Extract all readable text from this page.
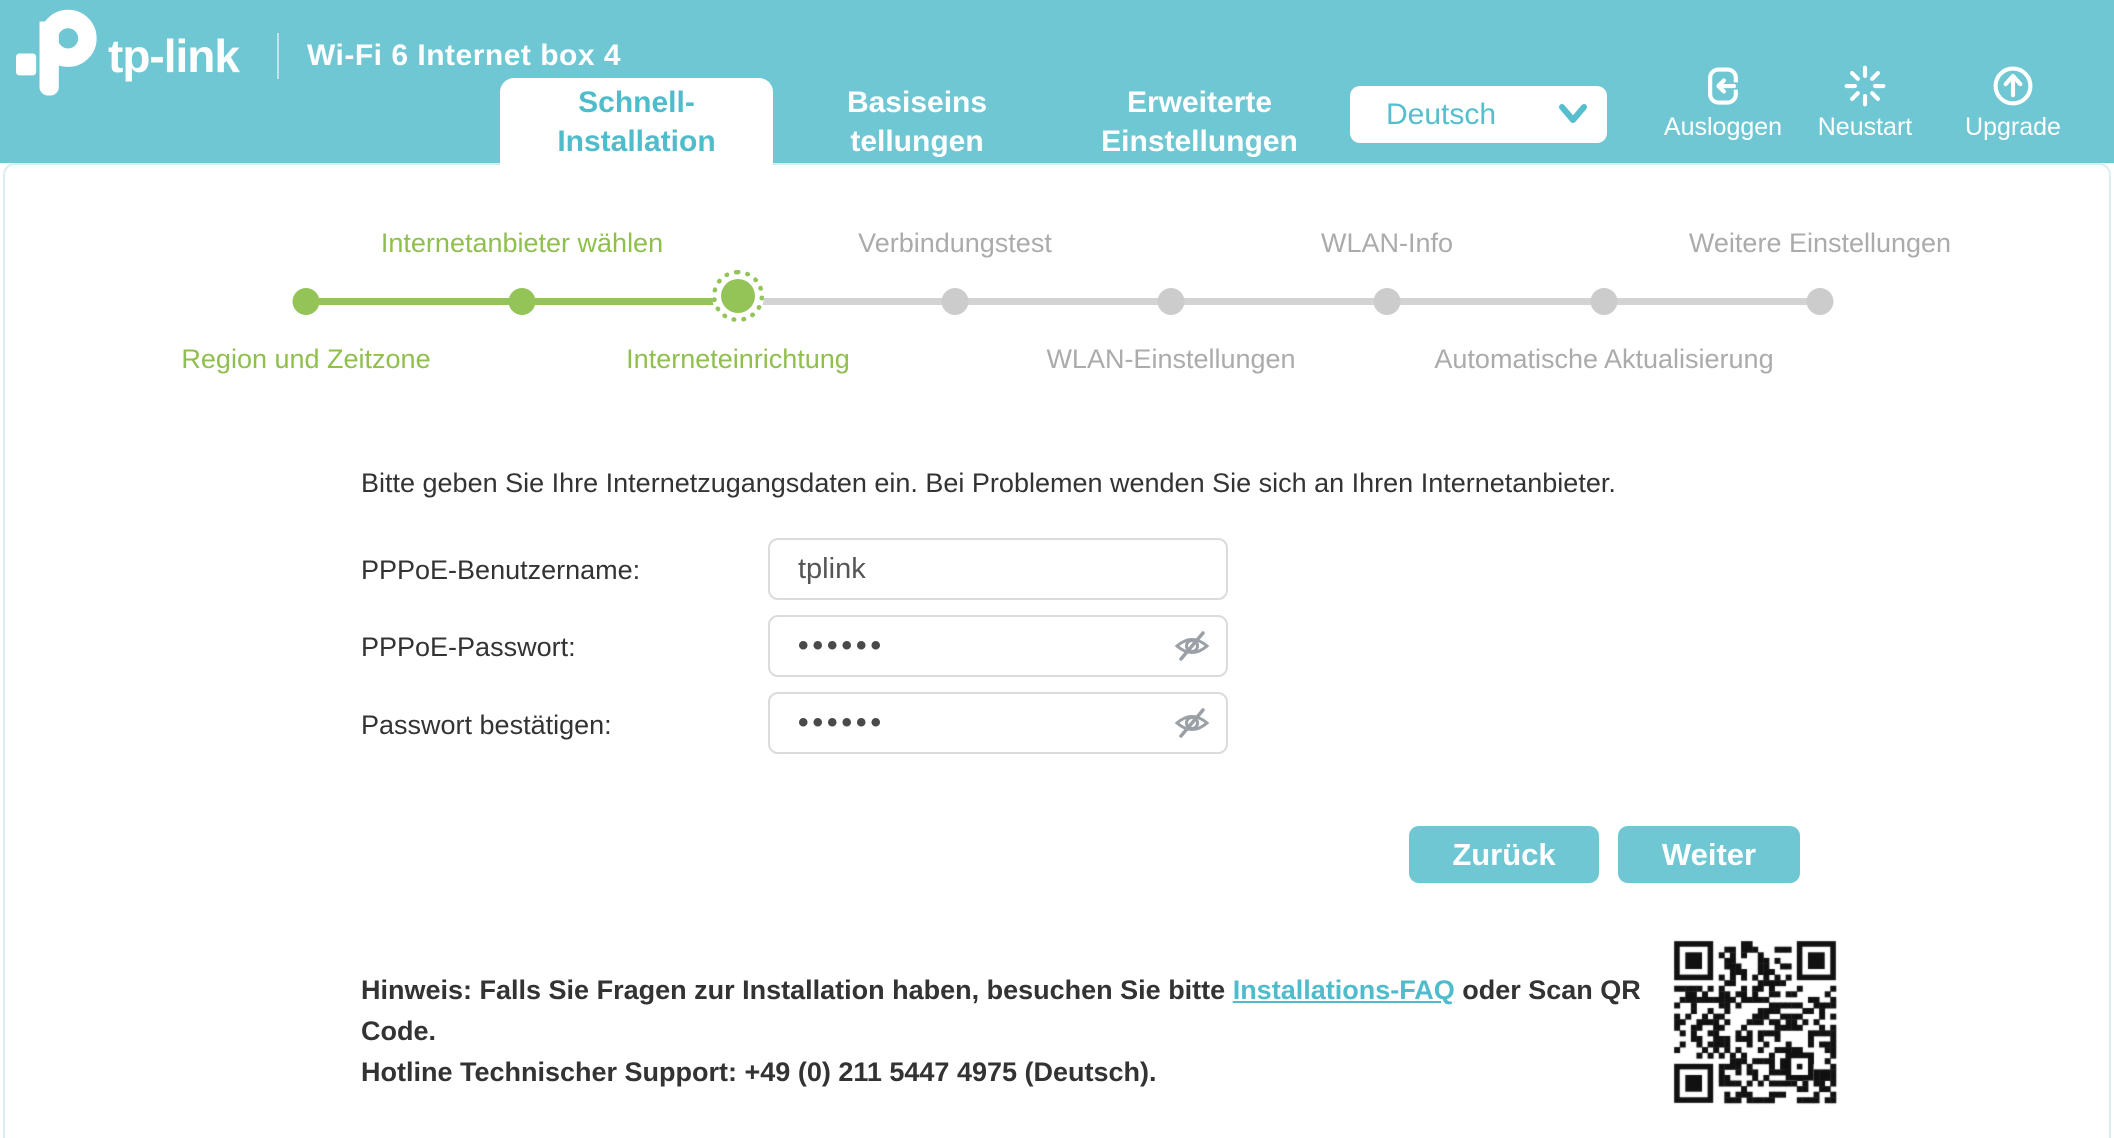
tp-link Wi-Fi 6 Internet box 4
Schnell-
Installation
Basiseins
tellungen
Erweiterte
Einstellungen
Deutsch	Ausloggen	Neustart	Upgrade
Region und Zeitzone
Internetanbieter wählen
Interneteinrichtung
Verbindungstest
WLAN-Einstellungen
WLAN-Info
Automatische Aktualisierung
Weitere Einstellungen
Bitte geben Sie Ihre Internetzugangsdaten ein. Bei Problemen wenden Sie sich an Ihren Internetanbieter.
PPPoE-Benutzername:
tplink
PPPoE-Passwort:
••••••
Passwort bestätigen:
••••••
Zurück	Weiter
Hinweis: Falls Sie Fragen zur Installation haben, besuchen Sie bitte Installations-FAQ oder Scan QR Code.
Hotline Technischer Support: +49 (0) 211 5447 4975 (Deutsch).
